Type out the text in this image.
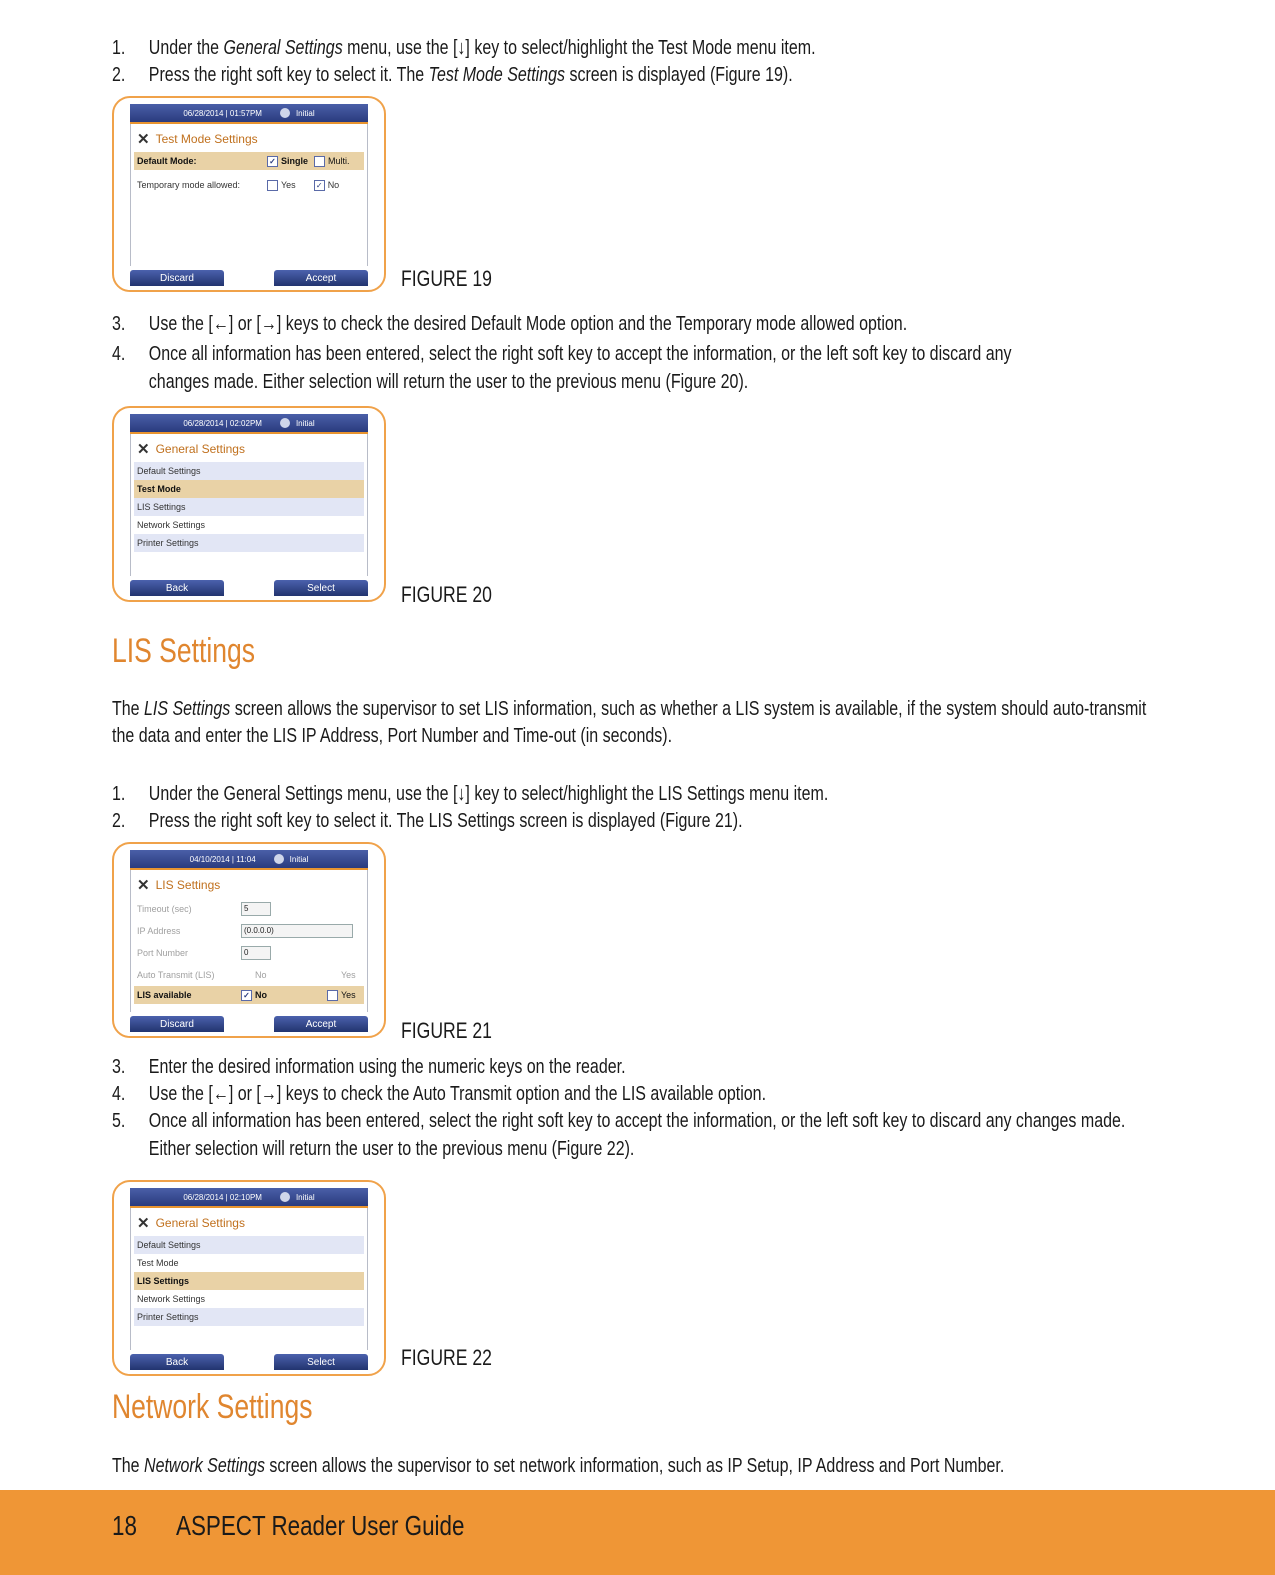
1. Under the General Settings menu, use the [↓] key to select/highlight the Test Mode menu item.
2. Press the right soft key to select it. The Test Mode Settings screen is displayed (Figure 19).
06/28/2014 | 01:57PM	Initial
✕ Test Mode Settings
Default Mode:	✓ Single Multi.
Temporary mode allowed:	Yes	✓ No
Discard	Accept	FIGURE 19
3. Use the [←] or [→] keys to check the desired Default Mode option and the Temporary mode allowed option.
4. Once all information has been entered, select the right soft key to accept the information, or the left soft key to discard any
changes made. Either selection will return the user to the previous menu (Figure 20).
06/28/2014 | 02:02PM	Initial
✕ General Settings
Default Settings
Test Mode
LIS Settings
Network Settings
Printer Settings
Back	Select	FIGURE 20
LIS Settings
The LIS Settings screen allows the supervisor to set LIS information, such as whether a LIS system is available, if the system should auto-transmit
the data and enter the LIS IP Address, Port Number and Time-out (in seconds).
1. Under the General Settings menu, use the [↓] key to select/highlight the LIS Settings menu item.
2. Press the right soft key to select it. The LIS Settings screen is displayed (Figure 21).
04/10/2014 | 11:04	Initial
✕ LIS Settings
Timeout (sec)	5
IP Address	(0.0.0.0)
Port Number	0
Auto Transmit (LIS)	No	Yes
LIS available	✓ No	Yes
Discard	Accept	FIGURE 21
3. Enter the desired information using the numeric keys on the reader.
4. Use the [←] or [→] keys to check the Auto Transmit option and the LIS available option.
5. Once all information has been entered, select the right soft key to accept the information, or the left soft key to discard any changes made.
Either selection will return the user to the previous menu (Figure 22).
06/28/2014 | 02:10PM	Initial
✕ General Settings
Default Settings
Test Mode
LIS Settings
Network Settings
Printer Settings
Back	Select	FIGURE 22
Network Settings
The Network Settings screen allows the supervisor to set network information, such as IP Setup, IP Address and Port Number.
18 ASPECT Reader User Guide
